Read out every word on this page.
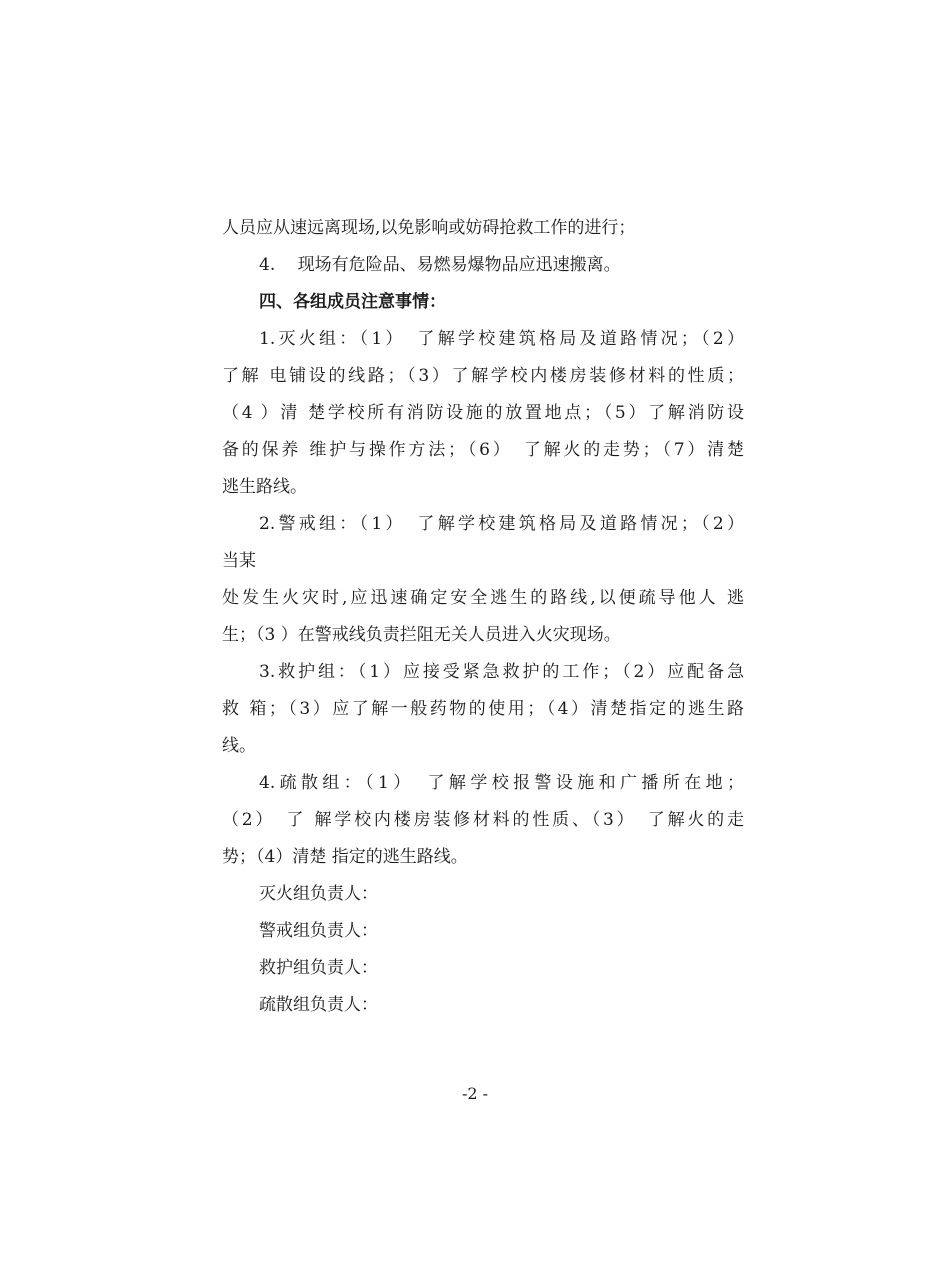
人员应从速远离现场,以免影响或妨碍抢救工作的进行；
4.　 现场有危险品、易燃易爆物品应迅速搬离。
四、各组成员注意事情：
1.灭火组：（1）　了解学校建筑格局及道路情况；（2）
了解 电铺设的线路；（3）了解学校内楼房装修材料的性质；
（4 ）清 楚学校所有消防设施的放置地点；（5）了解消防设
备的保养 维护与操作方法；（6）　了解火的走势；（7）清楚
逃生路线。
2.警戒组：（1）　了解学校建筑格局及道路情况；（2）
当某
处发生火灾时,应迅速确定安全逃生的路线,以便疏导他人 逃
生；（3 ）在警戒线负责拦阻无关人员进入火灾现场。
3.救护组：（1）应接受紧急救护的工作；（2）应配备急
救 箱；（3）应了解一般药物的使用；（4）清楚指定的逃生路
线。
4.疏散组：（1）　了解学校报警设施和广播所在地；
（2）　了 解学校内楼房装修材料的性质、（3）　了解火的走
势；（4）清楚 指定的逃生路线。
灭火组负责人：
警戒组负责人：
救护组负责人：
疏散组负责人：
-2 -
